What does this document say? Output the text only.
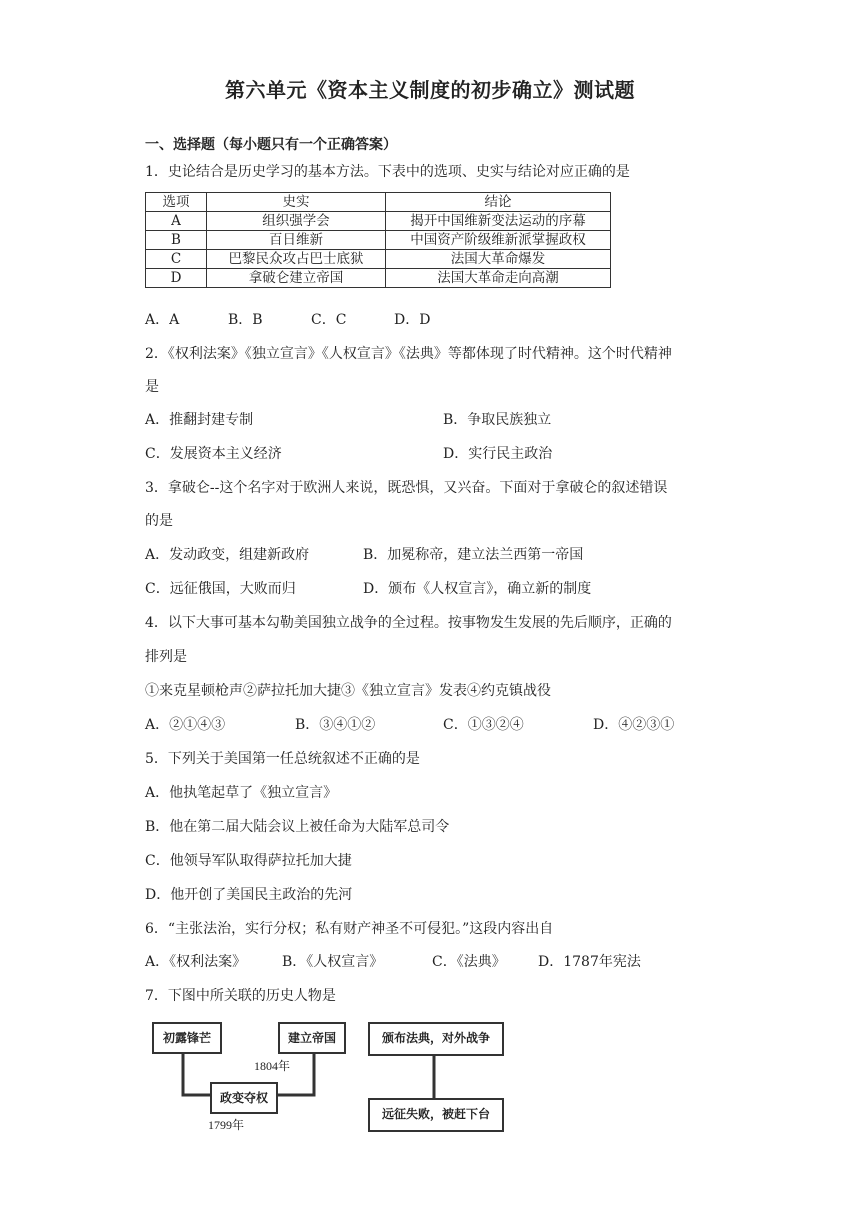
第六单元《资本主义制度的初步确立》测试题
一、选择题（每小题只有一个正确答案）
1．史论结合是历史学习的基本方法。下表中的选项、史实与结论对应正确的是
选项	史实	结论
A	组织强学会	揭开中国维新变法运动的序幕
B	百日维新	中国资产阶级维新派掌握政权
C	巴黎民众攻占巴士底狱	法国大革命爆发
D	拿破仑建立帝国	法国大革命走向高潮
A．A	B．B	C．C	D．D
2．《权利法案》《独立宣言》《人权宣言》《法典》等都体现了时代精神。这个时代精神
是
A．推翻封建专制	B．争取民族独立
C．发展资本主义经济	D．实行民主政治
3．拿破仑--这个名字对于欧洲人来说，既恐惧，又兴奋。下面对于拿破仑的叙述错误
的是
A．发动政变，组建新政府	B．加冕称帝，建立法兰西第一帝国
C．远征俄国，大败而归	D．颁布《人权宣言》，确立新的制度
4．以下大事可基本勾勒美国独立战争的全过程。按事物发生发展的先后顺序，正确的
排列是
①来克星顿枪声②萨拉托加大捷③《独立宣言》发表④约克镇战役
A．②①④③	B．③④①②	C．①③②④	D．④②③①
5．下列关于美国第一任总统叙述不正确的是
A．他执笔起草了《独立宣言》
B．他在第二届大陆会议上被任命为大陆军总司令
C．他领导军队取得萨拉托加大捷
D．他开创了美国民主政治的先河
6．“主张法治，实行分权；私有财产神圣不可侵犯。”这段内容出自
A．《权利法案》	B．《人权宣言》	C．《法典》 D．1787年宪法
7．下图中所关联的历史人物是
初露锋芒	建立帝国
政变夺权
颁布法典，对外战争
远征失败，被赶下台
1804年
1799年
